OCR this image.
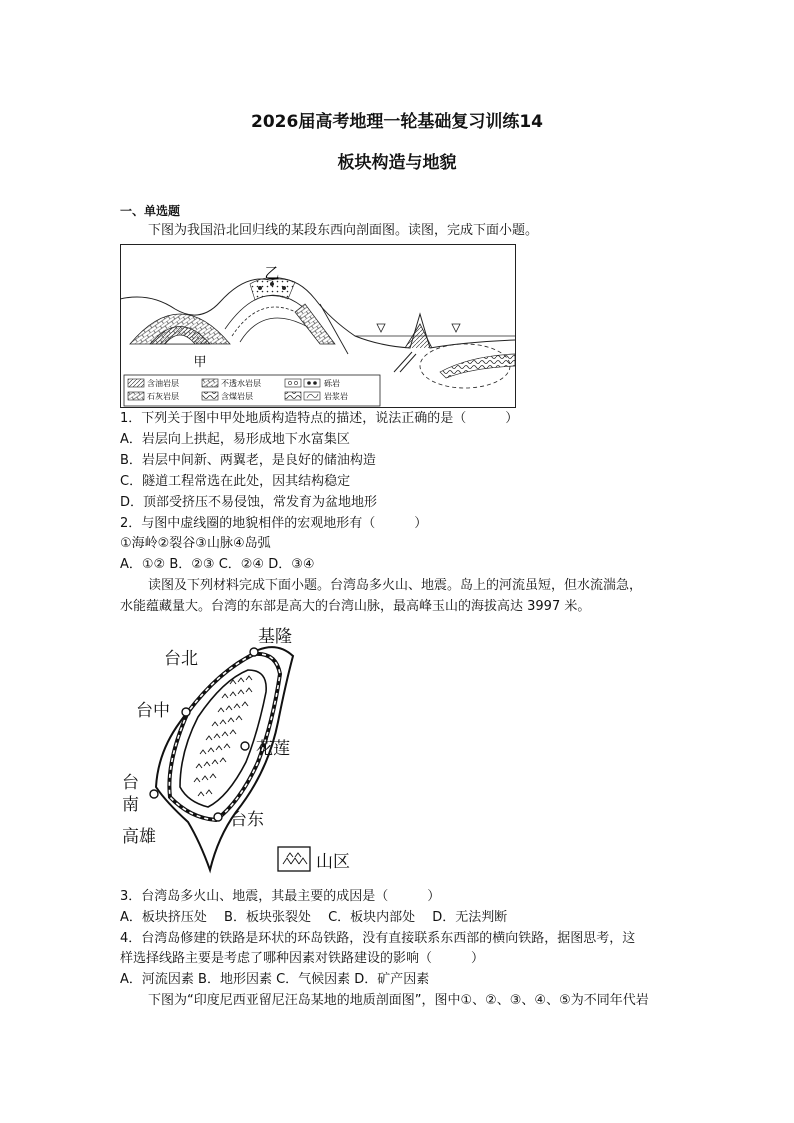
2026届高考地理一轮基础复习训练14
板块构造与地貌
一、单选题
下图为我国沿北回归线的某段东西向剖面图。读图，完成下面小题。
乙
甲
含油岩层	不透水岩层	砾岩
石灰岩层	含煤岩层	岩浆岩
1．下列关于图中甲处地质构造特点的描述，说法正确的是（　　　）
A．岩层向上拱起，易形成地下水富集区
B．岩层中间新、两翼老，是良好的储油构造
C．隧道工程常选在此处，因其结构稳定
D．顶部受挤压不易侵蚀，常发育为盆地地形
2．与图中虚线圈的地貌相伴的宏观地形有（　　　）
①海岭②裂谷③山脉④岛弧
A．①② B．②③ C．②④ D．③④
读图及下列材料完成下面小题。台湾岛多火山、地震。岛上的河流虽短，但水流湍急，
水能蕴藏量大。台湾的东部是高大的台湾山脉，最高峰玉山的海拔高达 3997 米。
基隆
台北
台中
花莲
台
南
高雄
台东
山区
3．台湾岛多火山、地震，其最主要的成因是（　　　）
A．板块挤压处　 B．板块张裂处　 C．板块内部处　 D．无法判断
4．台湾岛修建的铁路是环状的环岛铁路，没有直接联系东西部的横向铁路，据图思考，这
样选择线路主要是考虑了哪种因素对铁路建设的影响（　　　）
A．河流因素 B．地形因素 C．气候因素 D．矿产因素
下图为“印度尼西亚留尼汪岛某地的地质剖面图”，图中①、②、③、④、⑤为不同年代岩
